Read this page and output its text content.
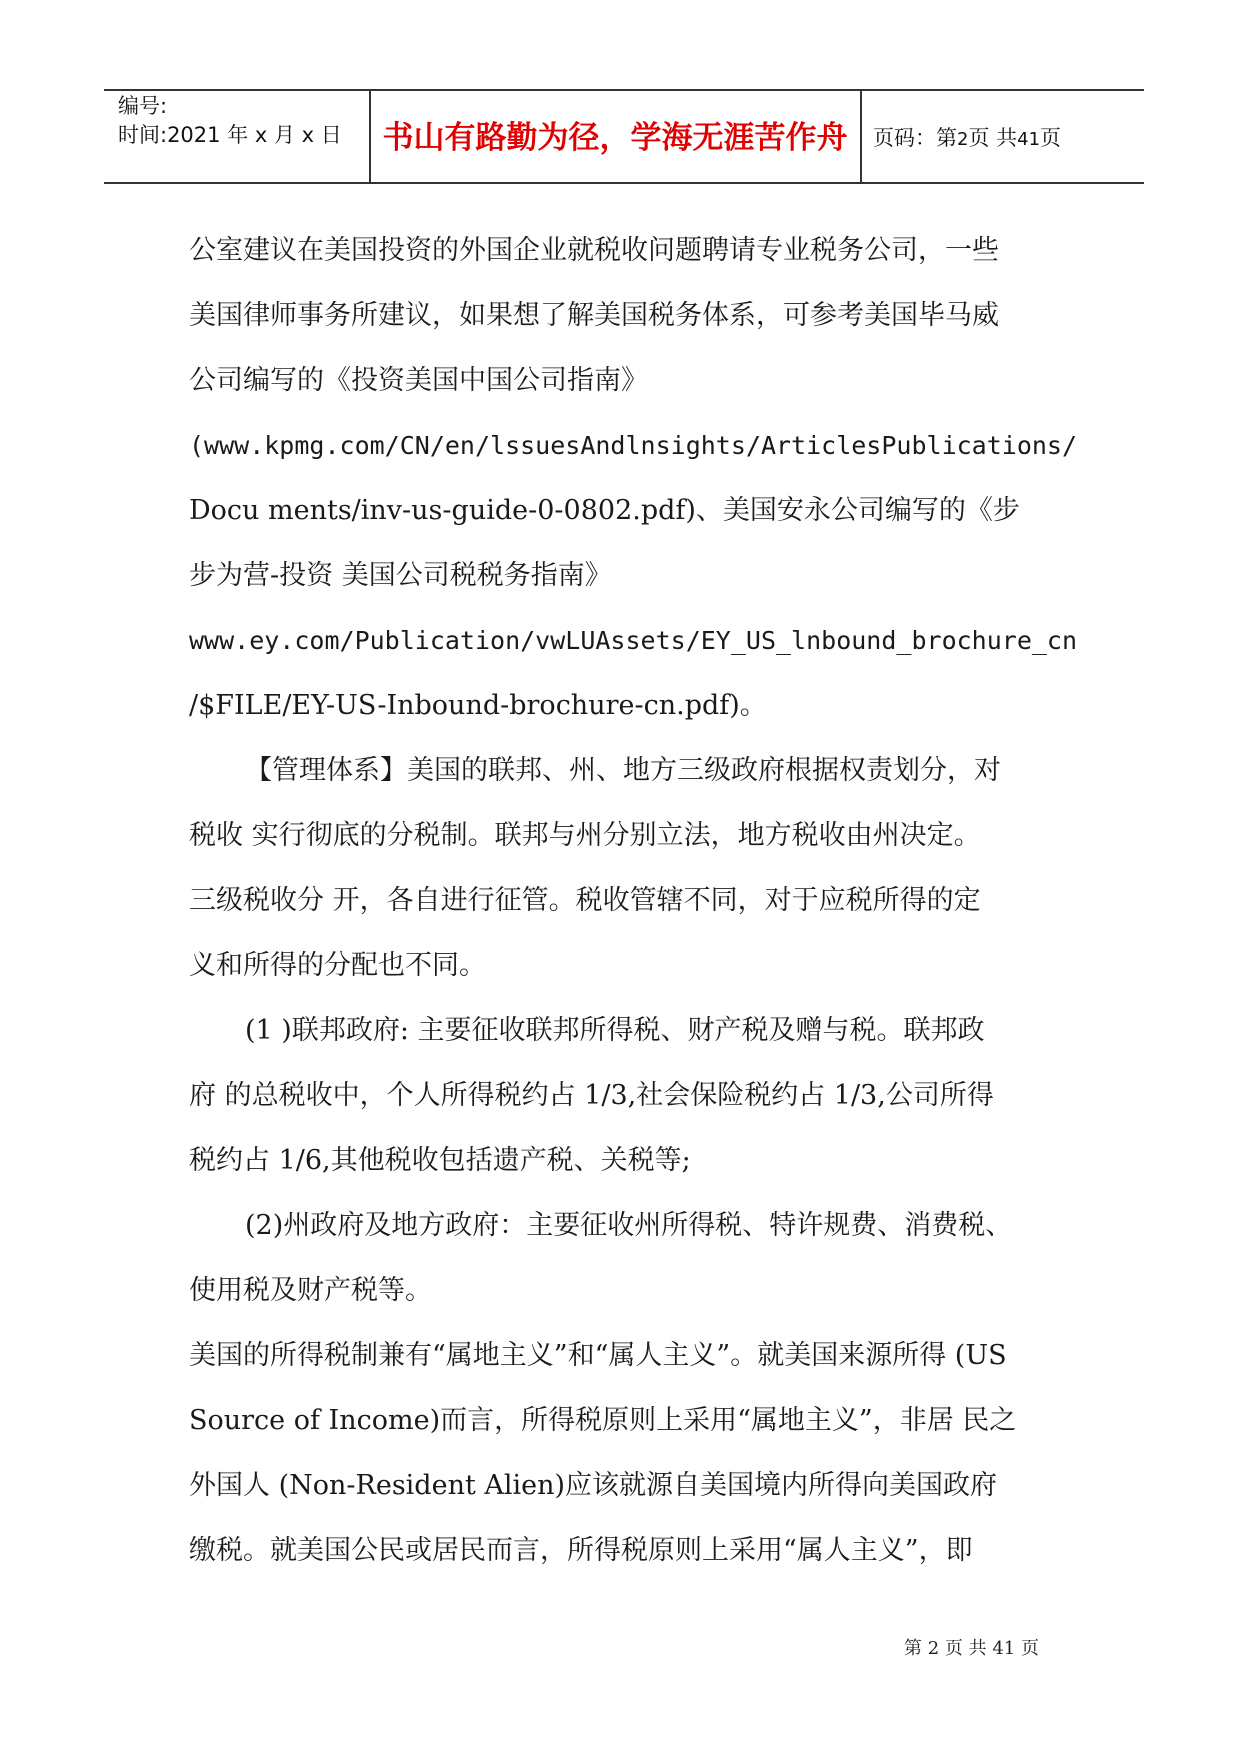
编号:
时间:2021 年 x 月 x 日	书山有路勤为径，学海无涯苦作舟	页码：第2页 共41页
公室建议在美国投资的外国企业就税收问题聘请专业税务公司，一些
美国律师事务所建议，如果想了解美国税务体系，可参考美国毕马威
公司编写的《投资美国中国公司指南》
(www.kpmg.com/CN/en/lssuesAndlnsights/ArticlesPublications/
Docu ments/inv-us-guide-0-0802.pdf)、美国安永公司编写的《步
步为营-投资 美国公司税税务指南》
www.ey.com/Publication/vwLUAssets/EY_US_lnbound_brochure_cn
/$FILE/EY-US-Inbound-brochure-cn.pdf)。
【管理体系】美国的联邦、州、地方三级政府根据权责划分，对
税收 实行彻底的分税制。联邦与州分别立法，地方税收由州决定。
三级税收分 开，各自进行征管。税收管辖不同，对于应税所得的定
义和所得的分配也不同。
(1 )联邦政府: 主要征收联邦所得税、财产税及赠与税。联邦政
府 的总税收中，个人所得税约占 1/3,社会保险税约占 1/3,公司所得
税约占 1/6,其他税收包括遗产税、关税等;
(2)州政府及地方政府：主要征收州所得税、特许规费、消费税、
使用税及财产税等。
美国的所得税制兼有“属地主义”和“属人主义”。就美国来源所得 (US
Source of Income)而言，所得税原则上采用“属地主义”，非居 民之
外国人 (Non-Resident Alien)应该就源自美国境内所得向美国政府
缴税。就美国公民或居民而言，所得税原则上采用“属人主义”，即
第 2 页 共 41 页
